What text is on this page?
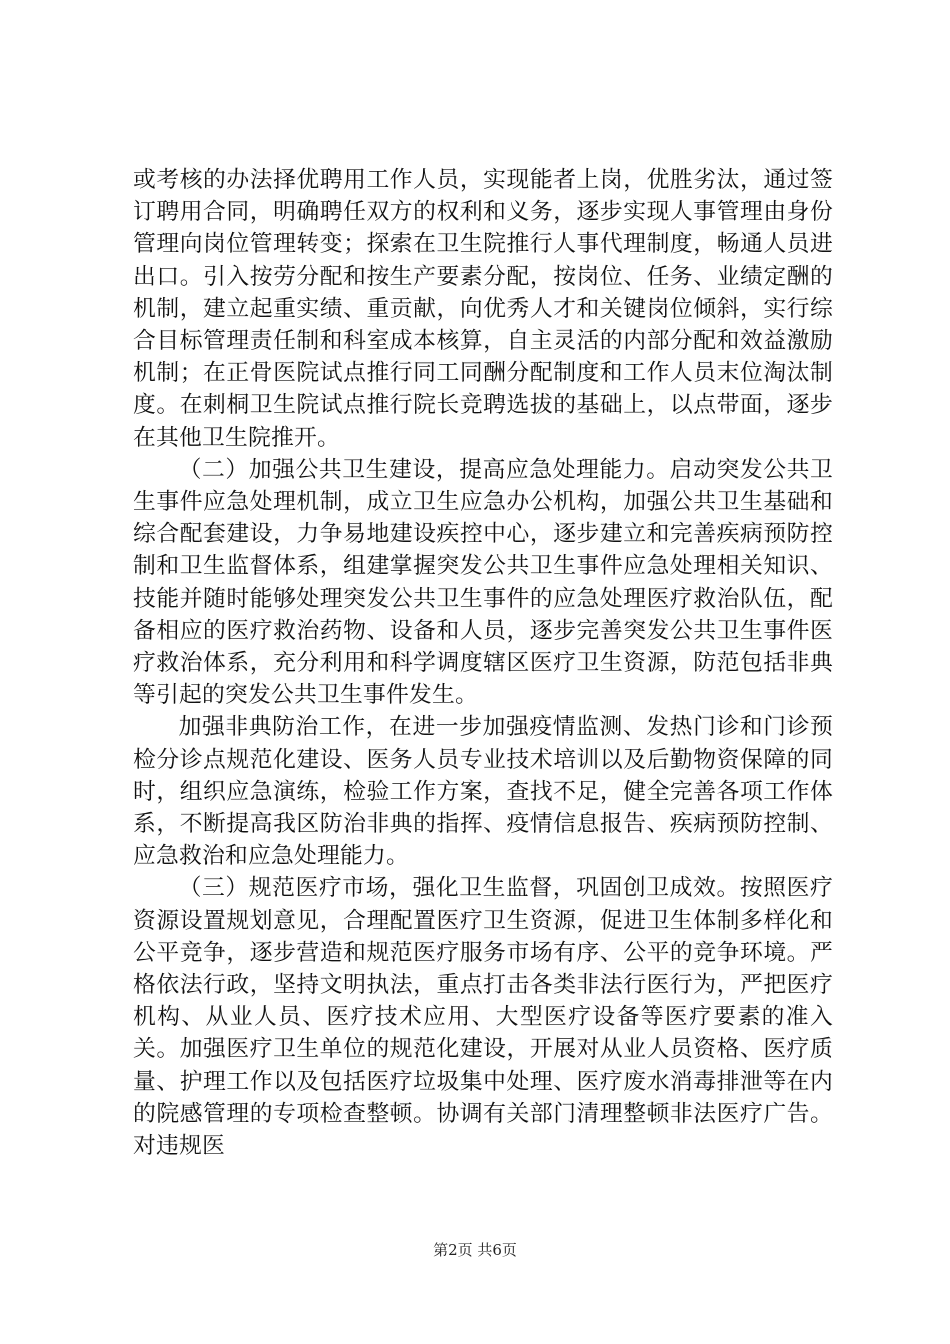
或考核的办法择优聘用工作人员，实现能者上岗，优胜劣汰，通过签订聘用合同，明确聘任双方的权利和义务，逐步实现人事管理由身份管理向岗位管理转变；探索在卫生院推行人事代理制度，畅通人员进出口。引入按劳分配和按生产要素分配，按岗位、任务、业绩定酬的机制，建立起重实绩、重贡献，向优秀人才和关键岗位倾斜，实行综合目标管理责任制和科室成本核算，自主灵活的内部分配和效益激励机制；在正骨医院试点推行同工同酬分配制度和工作人员末位淘汰制度。在刺桐卫生院试点推行院长竞聘选拔的基础上，以点带面，逐步在其他卫生院推开。

（二）加强公共卫生建设，提高应急处理能力。启动突发公共卫生事件应急处理机制，成立卫生应急办公机构，加强公共卫生基础和综合配套建设，力争易地建设疾控中心，逐步建立和完善疾病预防控制和卫生监督体系，组建掌握突发公共卫生事件应急处理相关知识、技能并随时能够处理突发公共卫生事件的应急处理医疗救治队伍，配备相应的医疗救治药物、设备和人员，逐步完善突发公共卫生事件医疗救治体系，充分利用和科学调度辖区医疗卫生资源，防范包括非典等引起的突发公共卫生事件发生。

加强非典防治工作，在进一步加强疫情监测、发热门诊和门诊预检分诊点规范化建设、医务人员专业技术培训以及后勤物资保障的同时，组织应急演练，检验工作方案，查找不足，健全完善各项工作体系，不断提高我区防治非典的指挥、疫情信息报告、疾病预防控制、应急救治和应急处理能力。

（三）规范医疗市场，强化卫生监督，巩固创卫成效。按照医疗资源设置规划意见，合理配置医疗卫生资源，促进卫生体制多样化和公平竞争，逐步营造和规范医疗服务市场有序、公平的竞争环境。严格依法行政，坚持文明执法，重点打击各类非法行医行为，严把医疗机构、从业人员、医疗技术应用、大型医疗设备等医疗要素的准入关。加强医疗卫生单位的规范化建设，开展对从业人员资格、医疗质量、护理工作以及包括医疗垃圾集中处理、医疗废水消毒排泄等在内的院感管理的专项检查整顿。协调有关部门清理整顿非法医疗广告。对违规医

第2页 共6页
